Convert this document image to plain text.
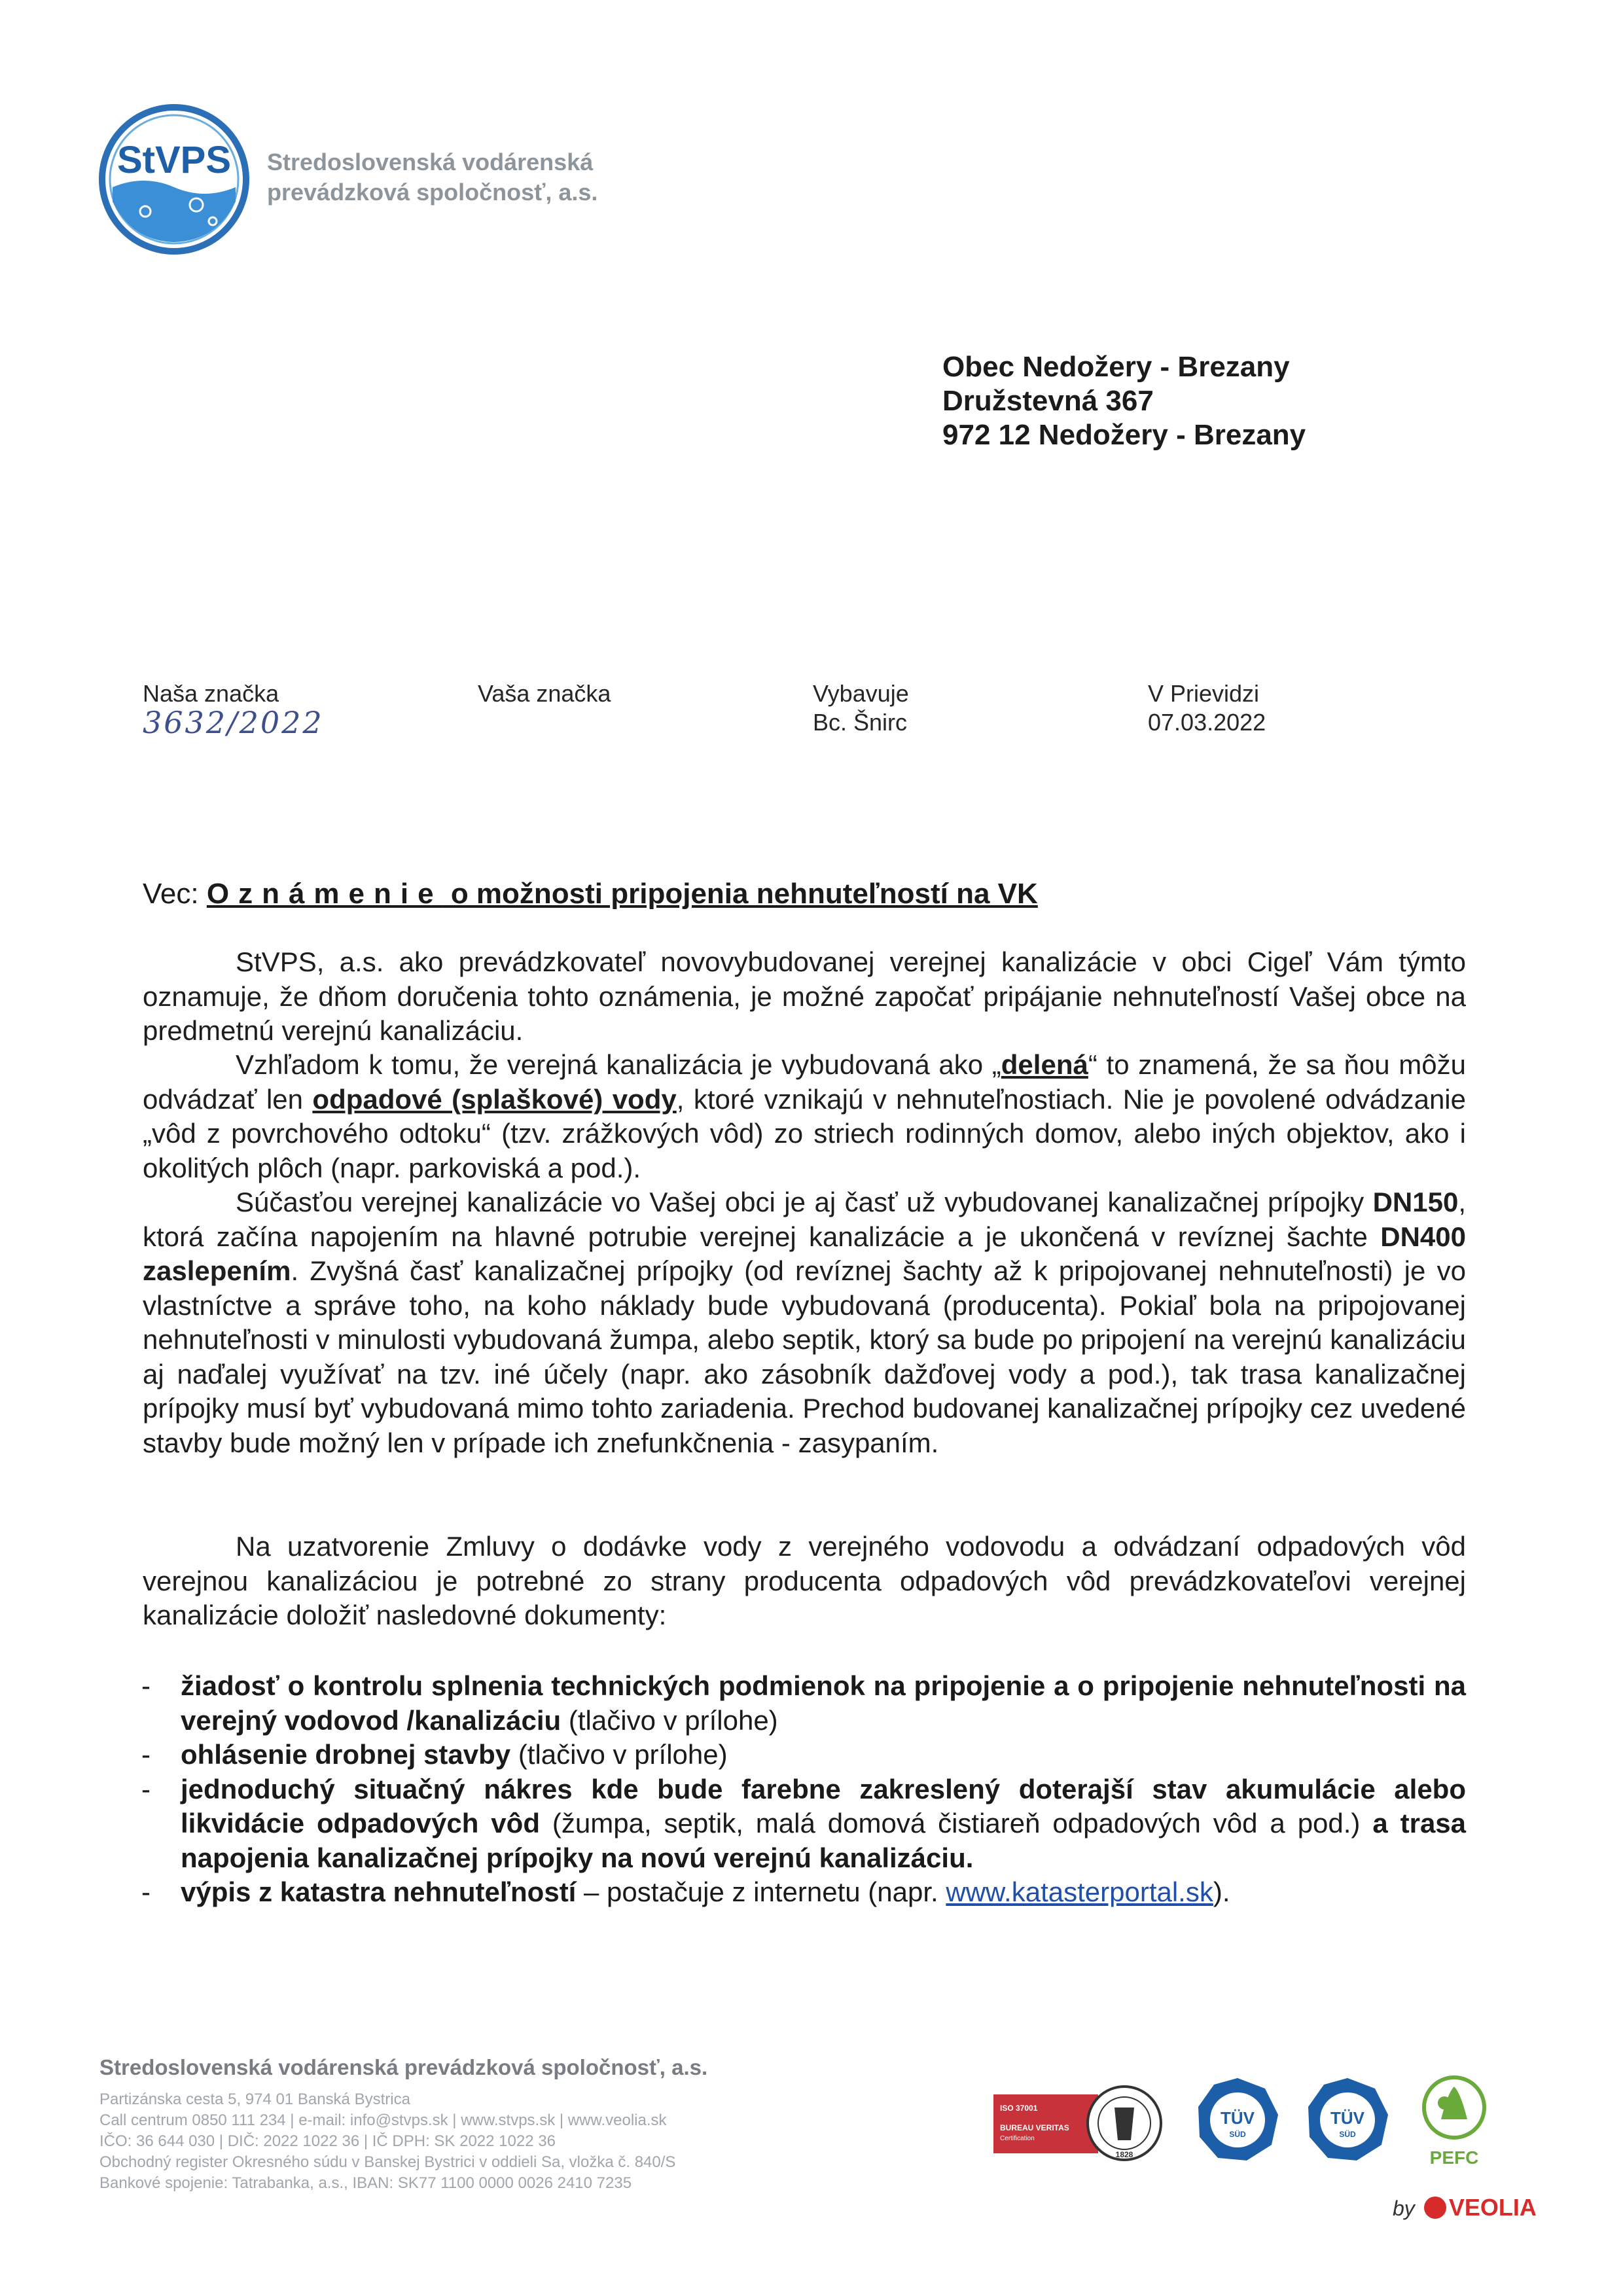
StVPS Stredoslovenská vodárenská
prevádzková spoločnosť, a.s.
Obec Nedožery - Brezany
Družstevná 367
972 12 Nedožery - Brezany
Naša značka
3632/2022
Vaša značka	Vybavuje
Bc. Šnirc
V Prievidzi
07.03.2022
Vec: Oznámenie o možnosti pripojenia nehnuteľností na VK
StVPS, a.s. ako prevádzkovateľ novovybudovanej verejnej kanalizácie v obci Cigeľ Vám týmto oznamuje, že dňom doručenia tohto oznámenia, je možné započať pripájanie nehnuteľností Vašej obce na predmetnú verejnú kanalizáciu.
Vzhľadom k tomu, že verejná kanalizácia je vybudovaná ako „delená“ to znamená, že sa ňou môžu odvádzať len odpadové (splaškové) vody, ktoré vznikajú v nehnuteľnostiach. Nie je povolené odvádzanie „vôd z povrchového odtoku“ (tzv. zrážkových vôd) zo striech rodinných domov, alebo iných objektov, ako i okolitých plôch (napr. parkoviská a pod.).
Súčasťou verejnej kanalizácie vo Vašej obci je aj časť už vybudovanej kanalizačnej prípojky DN150, ktorá začína napojením na hlavné potrubie verejnej kanalizácie a je ukončená v revíznej šachte DN400 zaslepením. Zvyšná časť kanalizačnej prípojky (od revíznej šachty až k pripojovanej nehnuteľnosti) je vo vlastníctve a správe toho, na koho náklady bude vybudovaná (producenta). Pokiaľ bola na pripojovanej nehnuteľnosti v minulosti vybudovaná žumpa, alebo septik, ktorý sa bude po pripojení na verejnú kanalizáciu aj naďalej využívať na tzv. iné účely (napr. ako zásobník dažďovej vody a pod.), tak trasa kanalizačnej prípojky musí byť vybudovaná mimo tohto zariadenia. Prechod budovanej kanalizačnej prípojky cez uvedené stavby bude možný len v prípade ich znefunkčnenia - zasypaním.
Na uzatvorenie Zmluvy o dodávke vody z verejného vodovodu a odvádzaní odpadových vôd verejnou kanalizáciou je potrebné zo strany producenta odpadových vôd prevádzkovateľovi verejnej kanalizácie doložiť nasledovné dokumenty:
- žiadosť o kontrolu splnenia technických podmienok na pripojenie a o pripojenie nehnuteľnosti na verejný vodovod /kanalizáciu (tlačivo v prílohe)
- ohlásenie drobnej stavby (tlačivo v prílohe)
- jednoduchý situačný nákres kde bude farebne zakreslený doterajší stav akumulácie alebo likvidácie odpadových vôd (žumpa, septik, malá domová čistiareň odpadových vôd a pod.) a trasa napojenia kanalizačnej prípojky na novú verejnú kanalizáciu.
- výpis z katastra nehnuteľností – postačuje z internetu (napr. www.katasterportal.sk).
Stredoslovenská vodárenská prevádzková spoločnosť, a.s.
Partizánska cesta 5, 974 01 Banská Bystrica
Call centrum 0850 111 234 | e-mail: info@stvps.sk | www.stvps.sk | www.veolia.sk
IČO: 36 644 030 | DIČ: 2022 1022 36 | IČ DPH: SK 2022 1022 36
Obchodný register Okresného súdu v Banskej Bystrici v oddieli Sa, vložka č. 840/S
Bankové spojenie: Tatrabanka, a.s., IBAN: SK77 1100 0000 0026 2410 7235
ISO 37001
BUREAU VERITAS
Certification
1828
TÜV
SÜD
TÜV
SÜD
PEFC
by VEOLIA
